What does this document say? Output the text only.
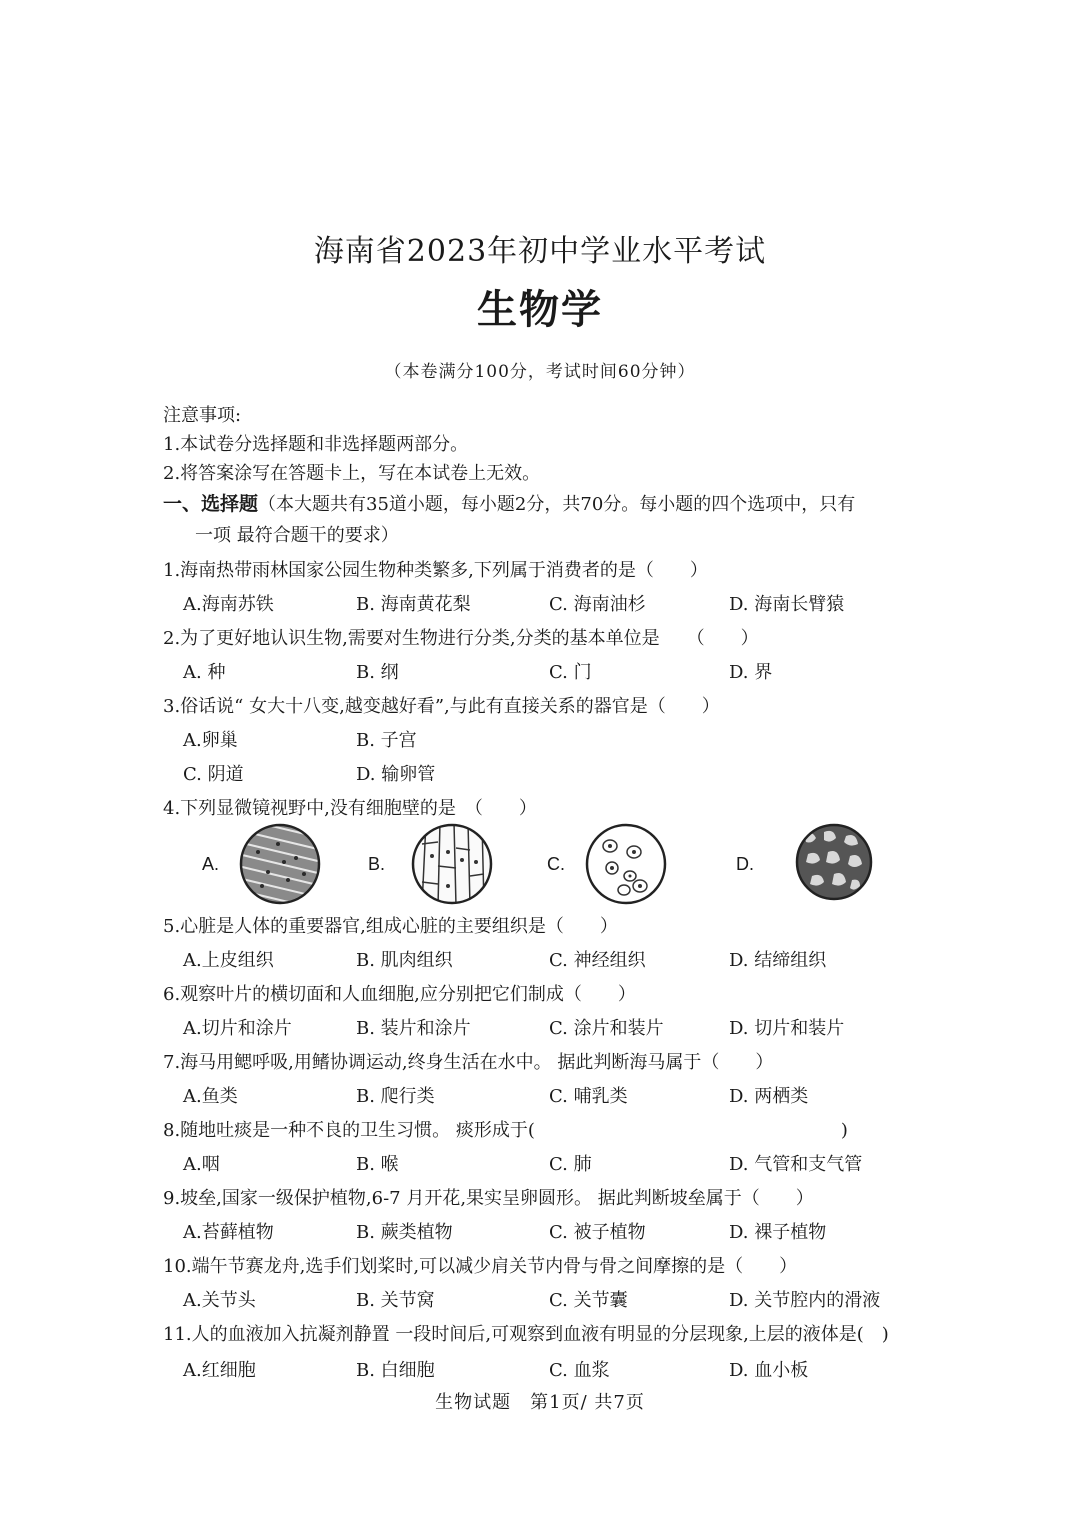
海南省2023年初中学业水平考试
生物学
（本卷满分100分，考试时间60分钟）
注意事项:
1.本试卷分选择题和非选择题两部分。
2.将答案涂写在答题卡上，写在本试卷上无效。
一、选择题（本大题共有35道小题，每小题2分，共70分。每小题的四个选项中，只有
一项 最符合题干的要求）
1.海南热带雨林国家公园生物种类繁多,下列属于消费者的是（　　）
A.海南苏铁	B. 海南黄花梨	C. 海南油杉	D. 海南长臂猿
2.为了更好地认识生物,需要对生物进行分类,分类的基本单位是　　（　　）
A. 种	B. 纲	C. 门	D. 界
3.俗话说“ 女大十八变,越变越好看”,与此有直接关系的器官是（　　）
A.卵巢	B. 子宫
C. 阴道	D. 输卵管
4.下列显微镜视野中,没有细胞壁的是　（　　）
A.	B.	C.	D.
5.心脏是人体的重要器官,组成心脏的主要组织是（　　）
A.上皮组织	B. 肌肉组织	C. 神经组织	D. 结缔组织
6.观察叶片的横切面和人血细胞,应分别把它们制成（　　）
A.切片和涂片	B. 装片和涂片	C. 涂片和装片	D. 切片和装片
7.海马用鳃呼吸,用鳍协调运动,终身生活在水中。 据此判断海马属于（　　）
A.鱼类	B. 爬行类	C. 哺乳类	D. 两栖类
8.随地吐痰是一种不良的卫生习惯。 痰形成于(　　　　　　　　　　　　　　　　　)
A.咽	B. 喉	C. 肺	D. 气管和支气管
9.坡垒,国家一级保护植物,6-7 月开花,果实呈卵圆形。 据此判断坡垒属于（　　）
A.苔藓植物	B. 蕨类植物	C. 被子植物	D. 裸子植物
10.端午节赛龙舟,选手们划桨时,可以减少肩关节内骨与骨之间摩擦的是（　　）
A.关节头	B. 关节窝	C. 关节囊	D. 关节腔内的滑液
11.人的血液加入抗凝剂静置 一段时间后,可观察到血液有明显的分层现象,上层的液体是(　)
A.红细胞	B. 白细胞	C. 血浆	D. 血小板
生物试题　第1页/ 共7页
